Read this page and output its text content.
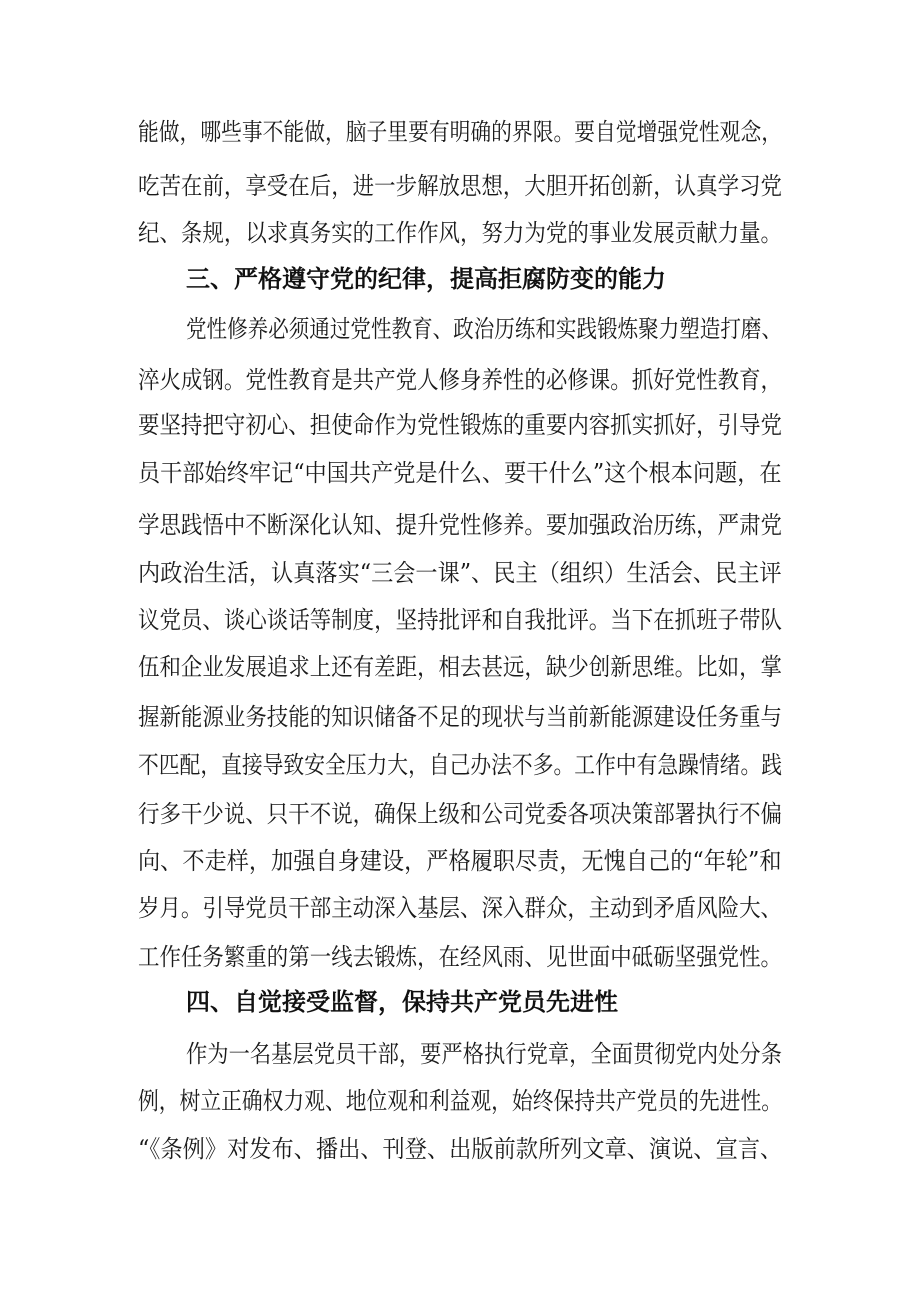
能做，哪些事不能做，脑子里要有明确的界限。要自觉增强党性观念，
吃苦在前，享受在后，进一步解放思想，大胆开拓创新，认真学习党
纪、条规，以求真务实的工作作风，努力为党的事业发展贡献力量。
三、严格遵守党的纪律，提高拒腐防变的能力
党性修养必须通过党性教育、政治历练和实践锻炼聚力塑造打磨、
淬火成钢。党性教育是共产党人修身养性的必修课。抓好党性教育，
要坚持把守初心、担使命作为党性锻炼的重要内容抓实抓好，引导党
员干部始终牢记“中国共产党是什么、要干什么”这个根本问题，在
学思践悟中不断深化认知、提升党性修养。要加强政治历练，严肃党
内政治生活，认真落实“三会一课”、民主（组织）生活会、民主评
议党员、谈心谈话等制度，坚持批评和自我批评。当下在抓班子带队
伍和企业发展追求上还有差距，相去甚远，缺少创新思维。比如，掌
握新能源业务技能的知识储备不足的现状与当前新能源建设任务重与
不匹配，直接导致安全压力大，自己办法不多。工作中有急躁情绪。践
行多干少说、只干不说，确保上级和公司党委各项决策部署执行不偏
向、不走样，加强自身建设，严格履职尽责，无愧自己的“年轮”和
岁月。引导党员干部主动深入基层、深入群众，主动到矛盾风险大、
工作任务繁重的第一线去锻炼，在经风雨、见世面中砥砺坚强党性。
四、自觉接受监督，保持共产党员先进性
作为一名基层党员干部，要严格执行党章，全面贯彻党内处分条
例，树立正确权力观、地位观和利益观，始终保持共产党员的先进性。
“《条例》对发布、播出、刊登、出版前款所列文章、演说、宣言、
